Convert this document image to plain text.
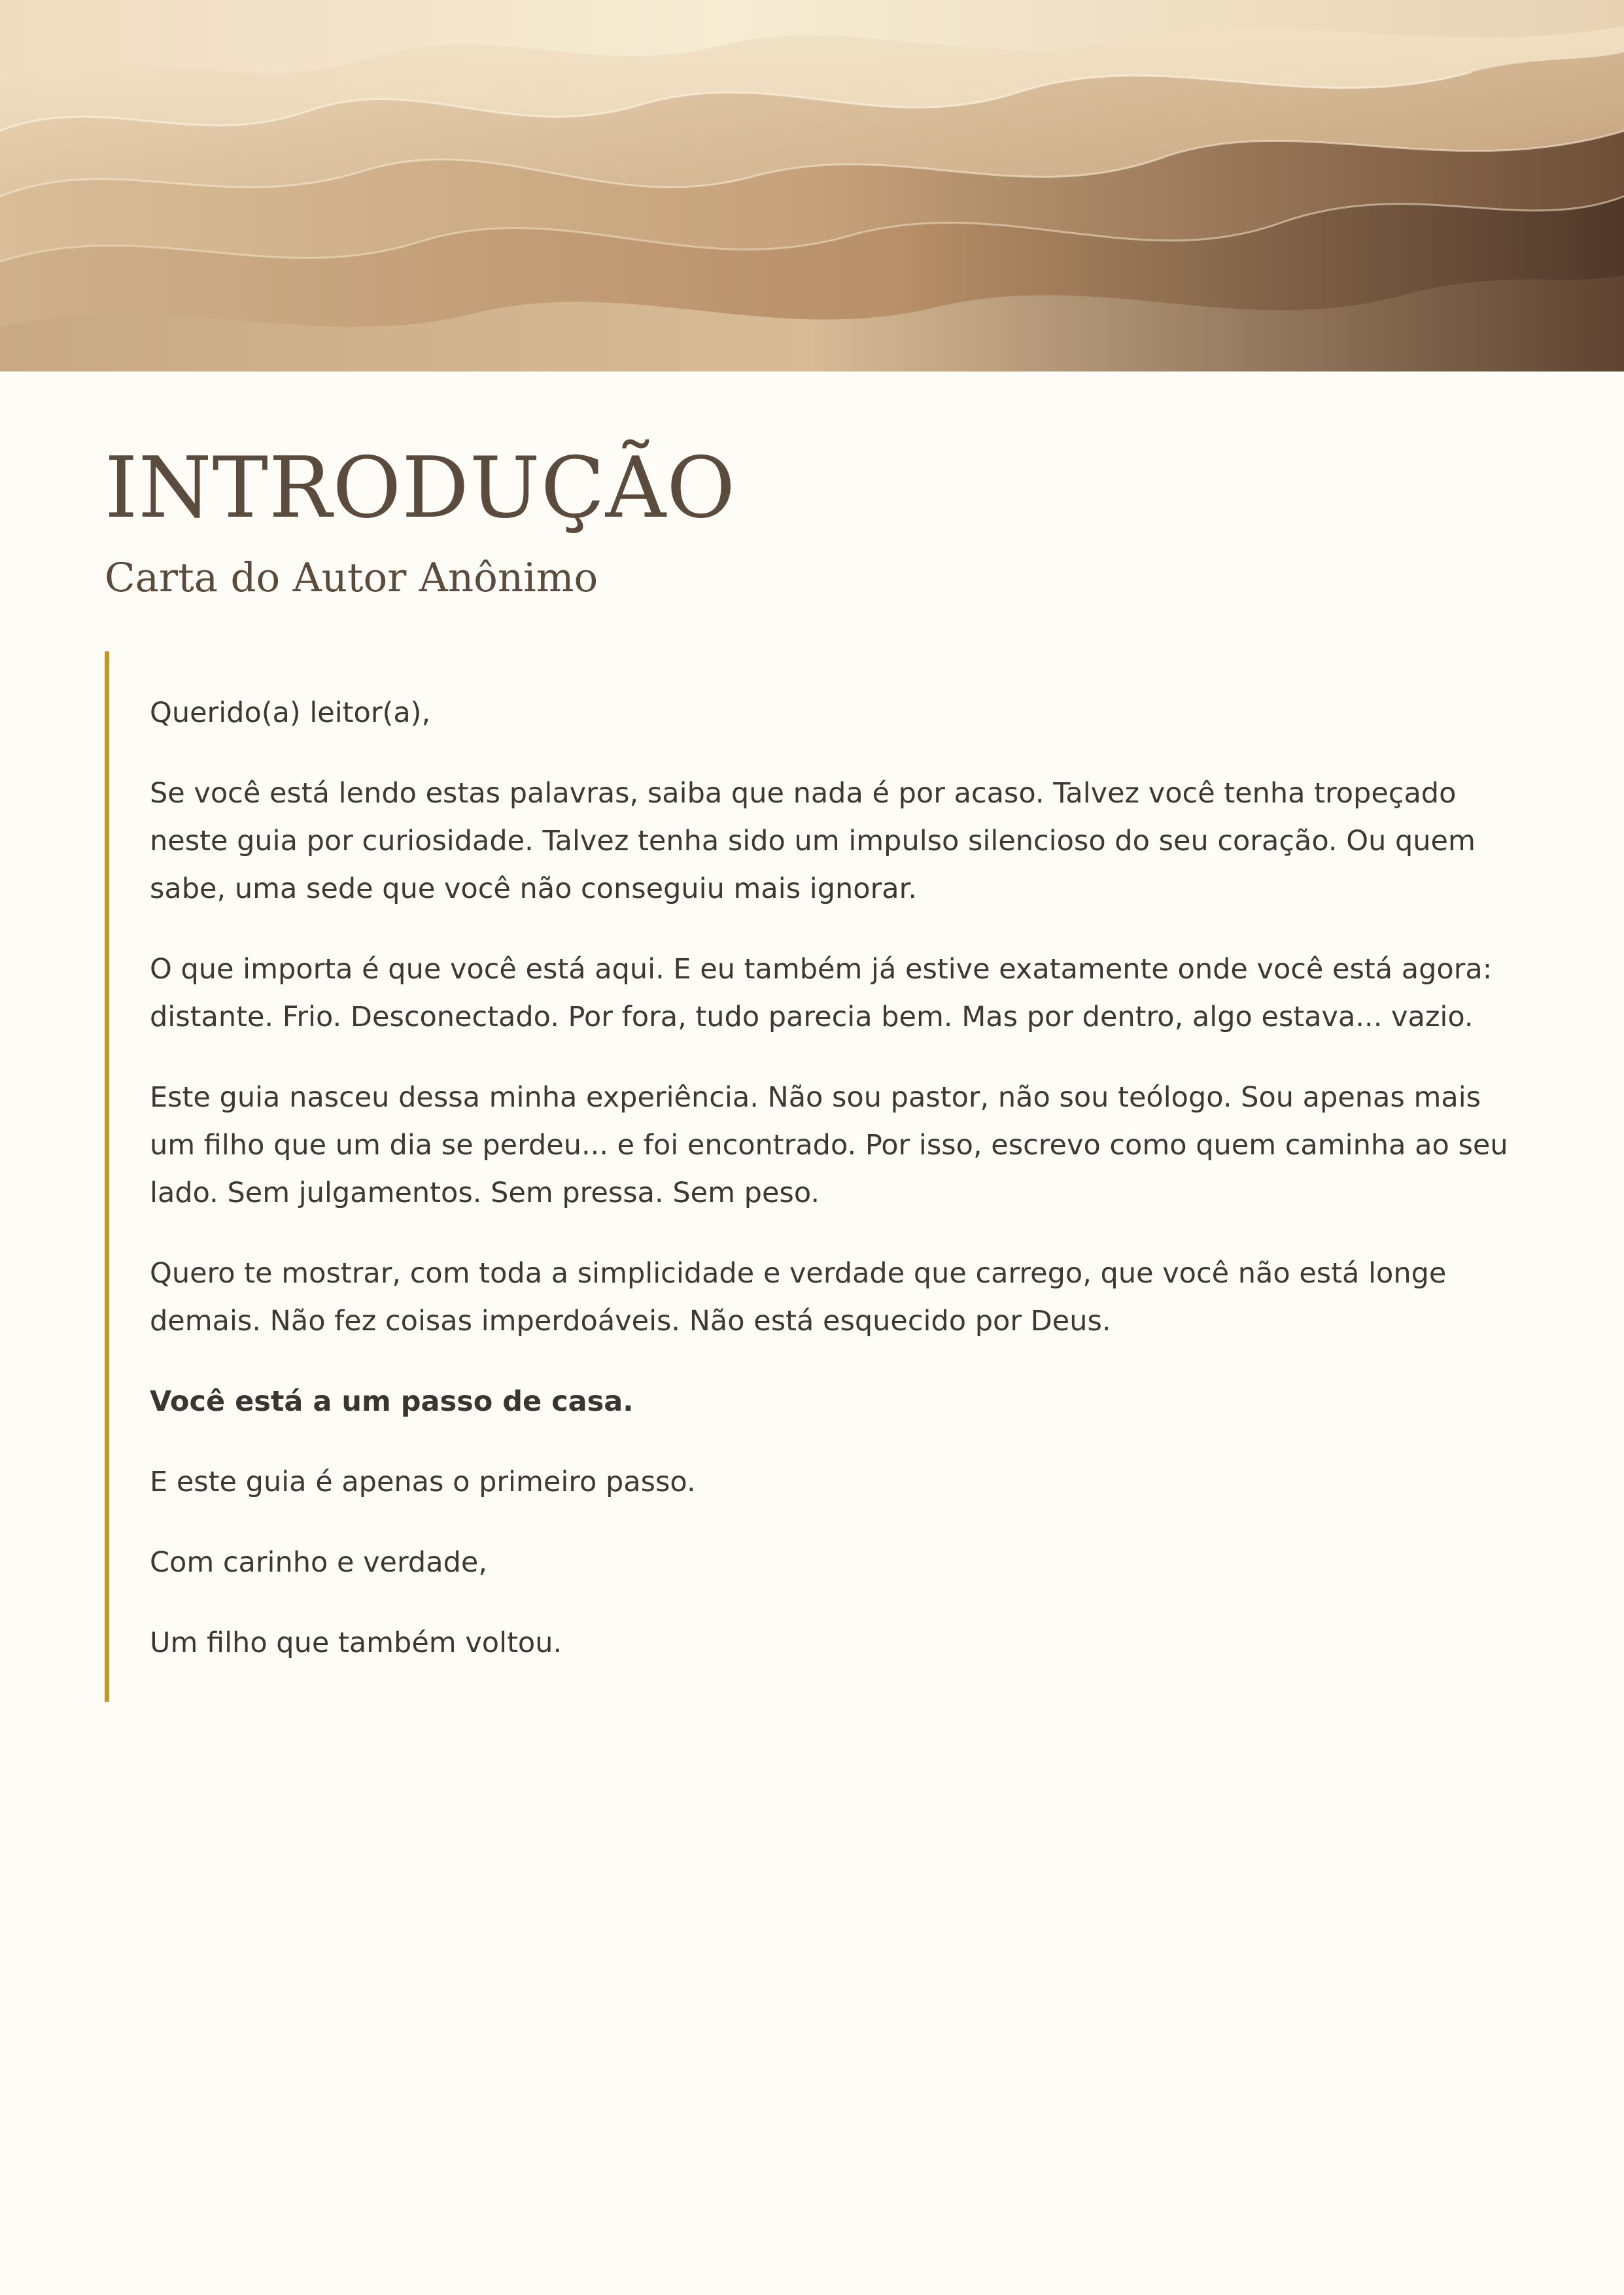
INTRODUÇÃO
Carta do Autor Anônimo

Querido(a) leitor(a),

Se você está lendo estas palavras, saiba que nada é por acaso. Talvez você tenha tropeçado neste guia por curiosidade. Talvez tenha sido um impulso silencioso do seu coração. Ou quem sabe, uma sede que você não conseguiu mais ignorar.

O que importa é que você está aqui. E eu também já estive exatamente onde você está agora: distante. Frio. Desconectado. Por fora, tudo parecia bem. Mas por dentro, algo estava... vazio.

Este guia nasceu dessa minha experiência. Não sou pastor, não sou teólogo. Sou apenas mais um filho que um dia se perdeu... e foi encontrado. Por isso, escrevo como quem caminha ao seu lado. Sem julgamentos. Sem pressa. Sem peso.

Quero te mostrar, com toda a simplicidade e verdade que carrego, que você não está longe demais. Não fez coisas imperdoáveis. Não está esquecido por Deus.

Você está a um passo de casa.

E este guia é apenas o primeiro passo.

Com carinho e verdade,

Um filho que também voltou.
